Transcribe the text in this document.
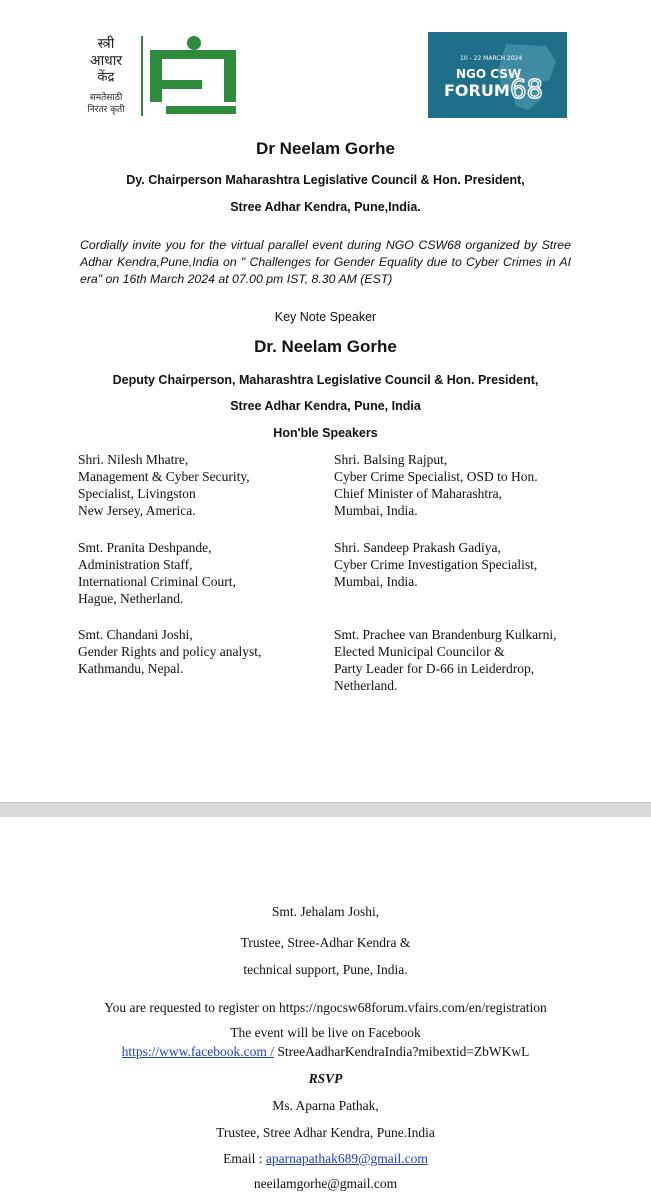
स्त्री
आधार
केंद्र
समतेसाठी
निरंतर कृती
10 - 22 MARCH 2024
NGO CSW
FORUM 68
Dr Neelam Gorhe
Dy. Chairperson Maharashtra Legislative Council & Hon. President,
Stree Adhar Kendra, Pune,India.
Cordially invite you for the virtual parallel event during NGO CSW68 organized by Stree Adhar Kendra,Pune,India on " Challenges for Gender Equality due to Cyber Crimes in AI era" on 16th March 2024 at 07.00 pm IST, 8.30 AM (EST)
Key Note Speaker
Dr. Neelam Gorhe
Deputy Chairperson, Maharashtra Legislative Council & Hon. President,
Stree Adhar Kendra, Pune, India
Hon'ble Speakers
Shri. Nilesh Mhatre,
Management & Cyber Security,
Specialist, Livingston
New Jersey, America.
Shri. Balsing Rajput,
Cyber Crime Specialist, OSD to Hon.
Chief Minister of Maharashtra,
Mumbai, India.
Smt. Pranita Deshpande,
Administration Staff,
International Criminal Court,
Hague, Netherland.
Shri. Sandeep Prakash Gadiya,
Cyber Crime Investigation Specialist,
Mumbai, India.
Smt. Chandani Joshi,
Gender Rights and policy analyst,
Kathmandu, Nepal.
Smt. Prachee van Brandenburg Kulkarni,
Elected Municipal Councilor &
Party Leader for D-66 in Leiderdrop,
Netherland.
Smt. Jehalam Joshi,
Trustee, Stree-Adhar Kendra &
technical support, Pune, India.
You are requested to register on https://ngocsw68forum.vfairs.com/en/registration
The event will be live on Facebook
https://www.facebook.com / StreeAadharKendraIndia?mibextid=ZbWKwL
RSVP
Ms. Aparna Pathak,
Trustee, Stree Adhar Kendra, Pune.India
Email : aparnapathak689@gmail.com
neeilamgorhe@gmail.com
